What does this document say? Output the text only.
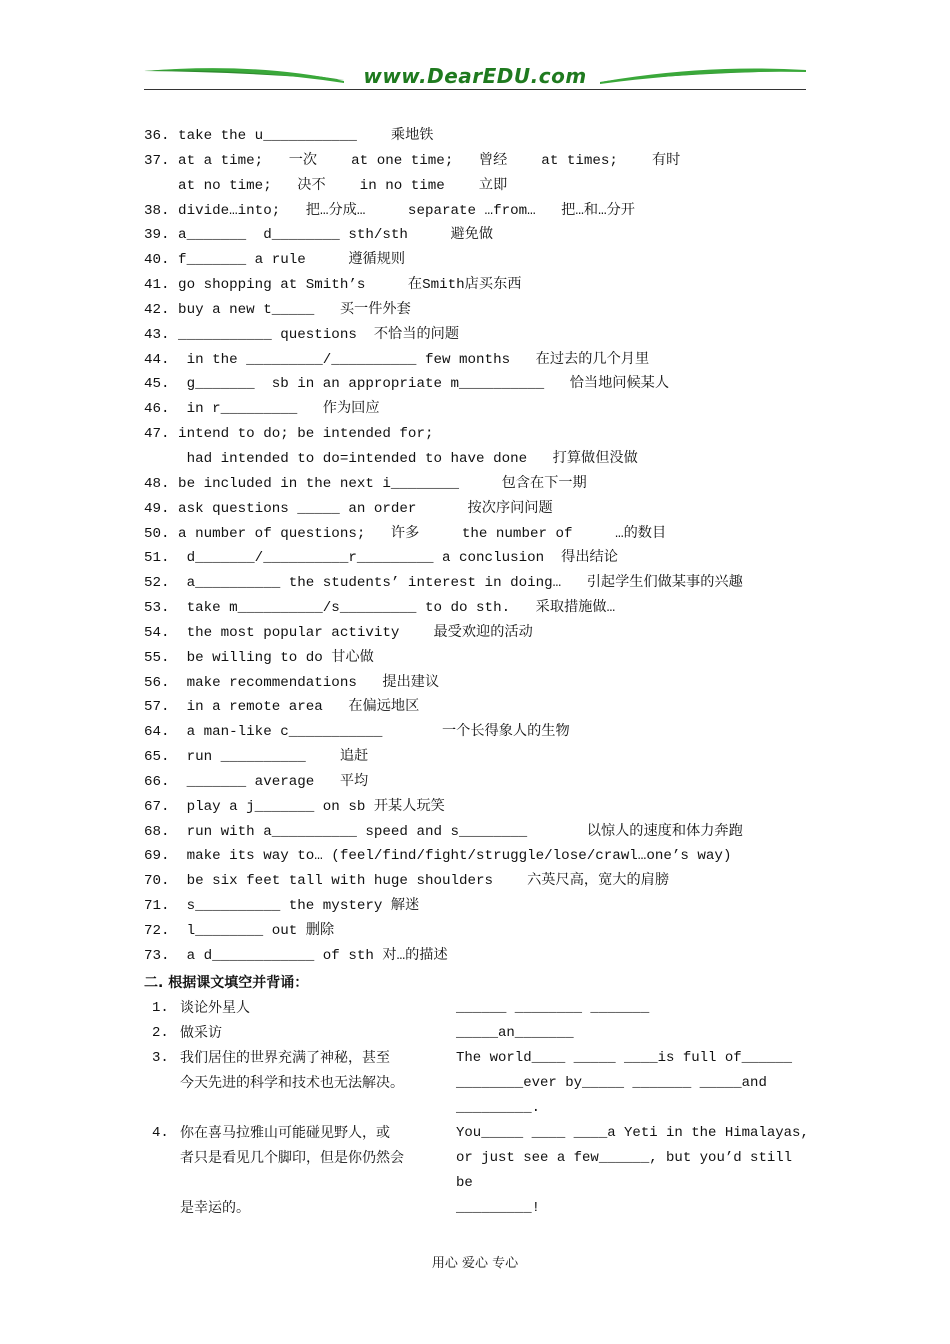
www.DearEDU.com
36. take the u___________    乘地铁
37. at a time;   一次    at one time;   曾经    at times;    有时
at no time;   决不    in no time    立即
38. divide…into;   把…分成…     separate …from…   把…和…分开
39. a_______  d________ sth/sth     避免做
40. f_______ a rule     遵循规则
41. go shopping at Smith’s     在Smith店买东西
42. buy a new t_____   买一件外套
43. ___________ questions  不恰当的问题
44.  in the _________/__________ few months   在过去的几个月里
45.  g_______  sb in an appropriate m__________   恰当地问候某人
46.  in r_________   作为回应
47. intend to do; be intended for;
had intended to do=intended to have done   打算做但没做
48. be included in the next i________     包含在下一期
49. ask questions _____ an order      按次序问问题
50. a number of questions;   许多     the number of     …的数目
51.  d_______/__________r_________ a conclusion  得出结论
52.  a__________ the students’ interest in doing…   引起学生们做某事的兴趣
53.  take m__________/s_________ to do sth.   采取措施做…
54.  the most popular activity    最受欢迎的活动
55.  be willing to do 甘心做
56.  make recommendations   提出建议
57.  in a remote area   在偏远地区
64.  a man-like c___________       一个长得象人的生物
65.  run __________    追赶
66.  _______ average   平均
67.  play a j_______ on sb 开某人玩笑
68.  run with a__________ speed and s________       以惊人的速度和体力奔跑
69.  make its way to… (feel/find/fight/struggle/lose/crawl…one’s way)
70.  be six feet tall with huge shoulders    六英尺高，宽大的肩膀
71.  s__________ the mystery 解迷
72.  l________ out 删除
73.  a d____________ of sth 对…的描述
二. 根据课文填空并背诵：
1. 谈论外星人	______ ________ _______
2. 做采访	_____an_______
3. 我们居住的世界充满了神秘，甚至
今天先进的科学和技术也无法解决。
The world____ _____ ____is full of______
________ever by_____ _______ _____and
_________.
4. 你在喜马拉雅山可能碰见野人，或
者只是看见几个脚印，但是你仍然会
是幸运的。
You_____ ____ ____a Yeti in the Himalayas,
or just see a few______, but you’d still
be
_________!
用心 爱心 专心
